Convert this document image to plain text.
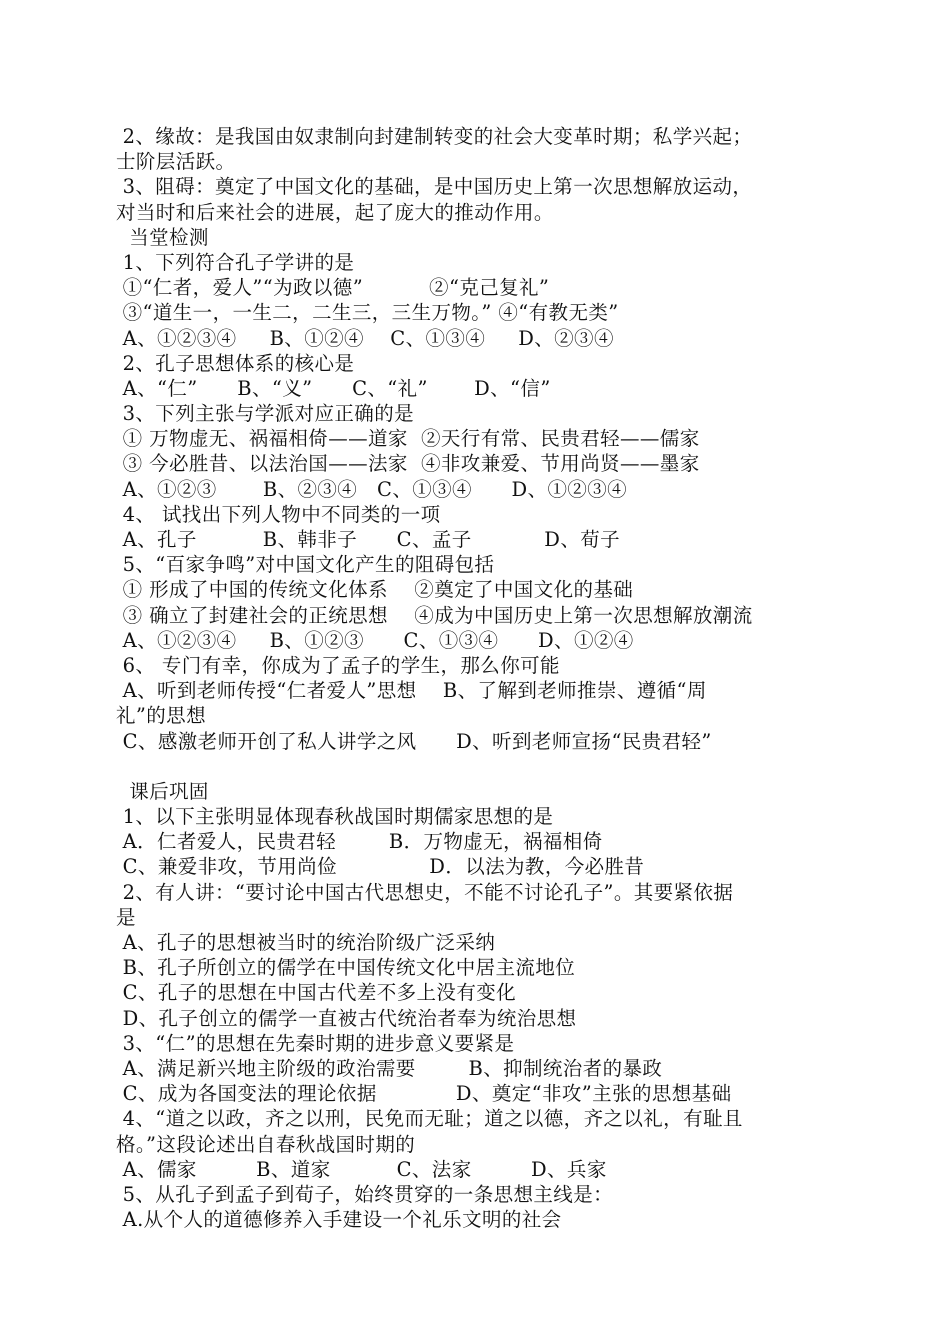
2、缘故：是我国由奴隶制向封建制转变的社会大变革时期；私学兴起；
士阶层活跃。
3、阻碍：奠定了中国文化的基础，是中国历史上第一次思想解放运动，
对当时和后来社会的进展，起了庞大的推动作用。
当堂检测
1、下列符合孔子学讲的是
①“仁者，爱人”“为政以德”          ②“克己复礼”
③“道生一，一生二，二生三，三生万物。” ④“有教无类”
A、①②③④     B、①②④    C、①③④     D、②③④
2、孔子思想体系的核心是
A、“仁”      B、“义”      C、“礼”       D、“信”
3、下列主张与学派对应正确的是
① 万物虚无、祸福相倚——道家  ②天行有常、民贵君轻——儒家
③ 今必胜昔、以法治国——法家  ④非攻兼爱、节用尚贤——墨家
A、①②③       B、②③④   C、①③④      D、①②③④
4、 试找出下列人物中不同类的一项
A、孔子          B、韩非子      C、孟子           D、荀子
5、“百家争鸣”对中国文化产生的阻碍包括
① 形成了中国的传统文化体系    ②奠定了中国文化的基础
③ 确立了封建社会的正统思想    ④成为中国历史上第一次思想解放潮流
A、①②③④     B、①②③      C、①③④      D、①②④
6、 专门有幸，你成为了孟子的学生，那么你可能
A、听到老师传授“仁者爱人”思想    B、了解到老师推崇、遵循“周
礼”的思想
C、感激老师开创了私人讲学之风      D、听到老师宣扬“民贵君轻”
课后巩固
1、以下主张明显体现春秋战国时期儒家思想的是
A．仁者爱人，民贵君轻        B．万物虚无，祸福相倚
C、兼爱非攻，节用尚俭              D．以法为教，今必胜昔
2、有人讲：“要讨论中国古代思想史，不能不讨论孔子”。其要紧依据
是
A、孔子的思想被当时的统治阶级广泛采纳
B、孔子所创立的儒学在中国传统文化中居主流地位
C、孔子的思想在中国古代差不多上没有变化
D、孔子创立的儒学一直被古代统治者奉为统治思想
3、“仁”的思想在先秦时期的进步意义要紧是
A、满足新兴地主阶级的政治需要        B、抑制统治者的暴政
C、成为各国变法的理论依据            D、奠定“非攻”主张的思想基础
4、“道之以政，齐之以刑，民免而无耻；道之以德，齐之以礼，有耻且
格。”这段论述出自春秋战国时期的
A、儒家         B、道家          C、法家         D、兵家
5、从孔子到孟子到荀子，始终贯穿的一条思想主线是：
A.从个人的道德修养入手建设一个礼乐文明的社会
